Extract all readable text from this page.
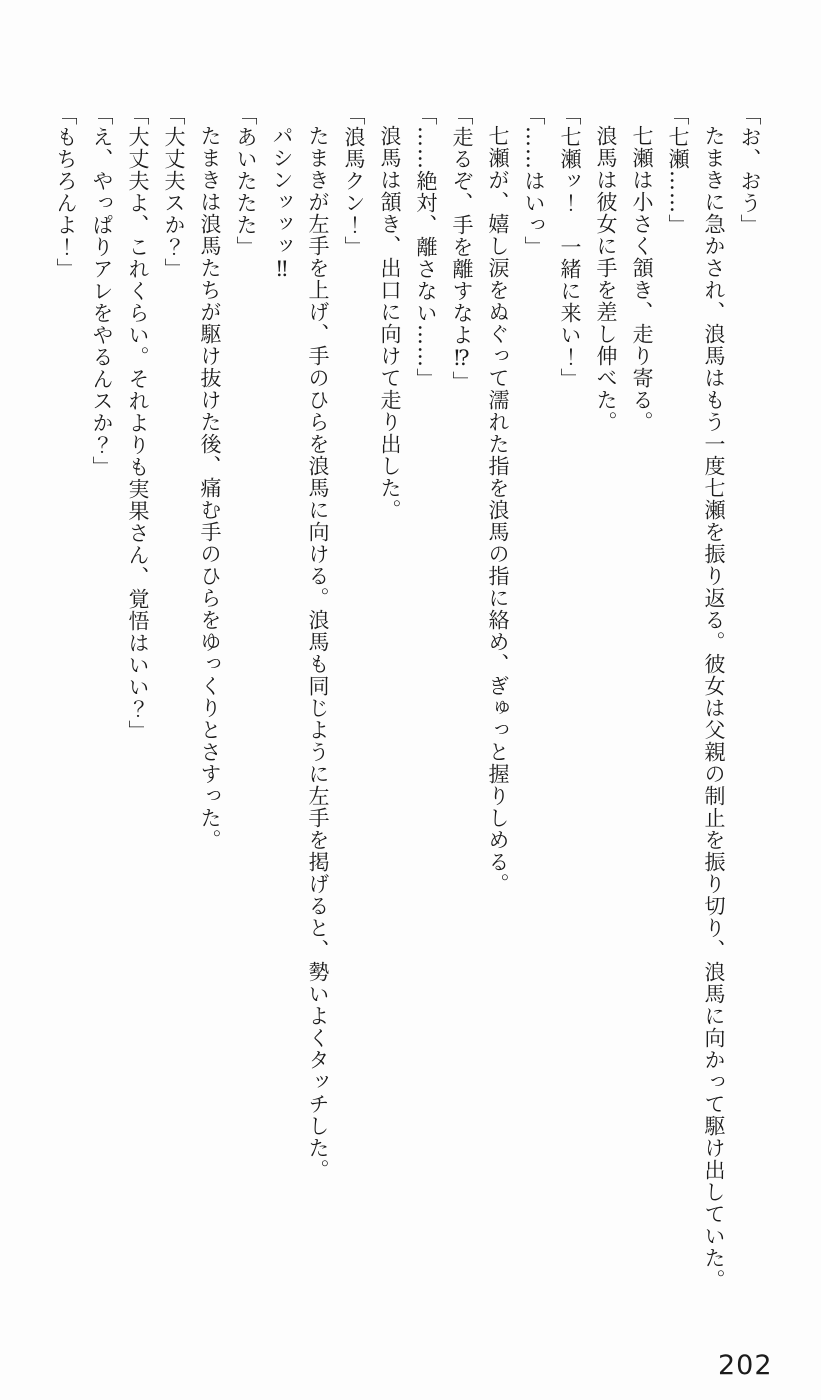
「お、おう」

たまきに急かされ、浪馬はもう一度七瀬を振り返る。彼女は父親の制止を振り切り、浪馬に向かって駆け出していた。

「七瀬……」

七瀬は小さく頷き、走り寄る。

浪馬は彼女に手を差し伸べた。

「七瀬ッ！　一緒に来い！」

「……はいっ」

七瀬が、嬉し涙をぬぐって濡れた指を浪馬の指に絡め、ぎゅっと握りしめる。

「走るぞ、手を離すなよ⁉」

「……絶対、離さない……」

浪馬は頷き、出口に向けて走り出した。

「浪馬クン！」

たまきが左手を上げ、手のひらを浪馬に向ける。浪馬も同じように左手を掲げると、勢いよくタッチした。

パシンッッッ‼

「あいたたた」

たまきは浪馬たちが駆け抜けた後、痛む手のひらをゆっくりとさすった。

「大丈夫スか？」

「大丈夫よ、これくらい。それよりも実果さん、覚悟はいい？」

「え、やっぱりアレをやるんスか？」

「もちろんよ！」

202
